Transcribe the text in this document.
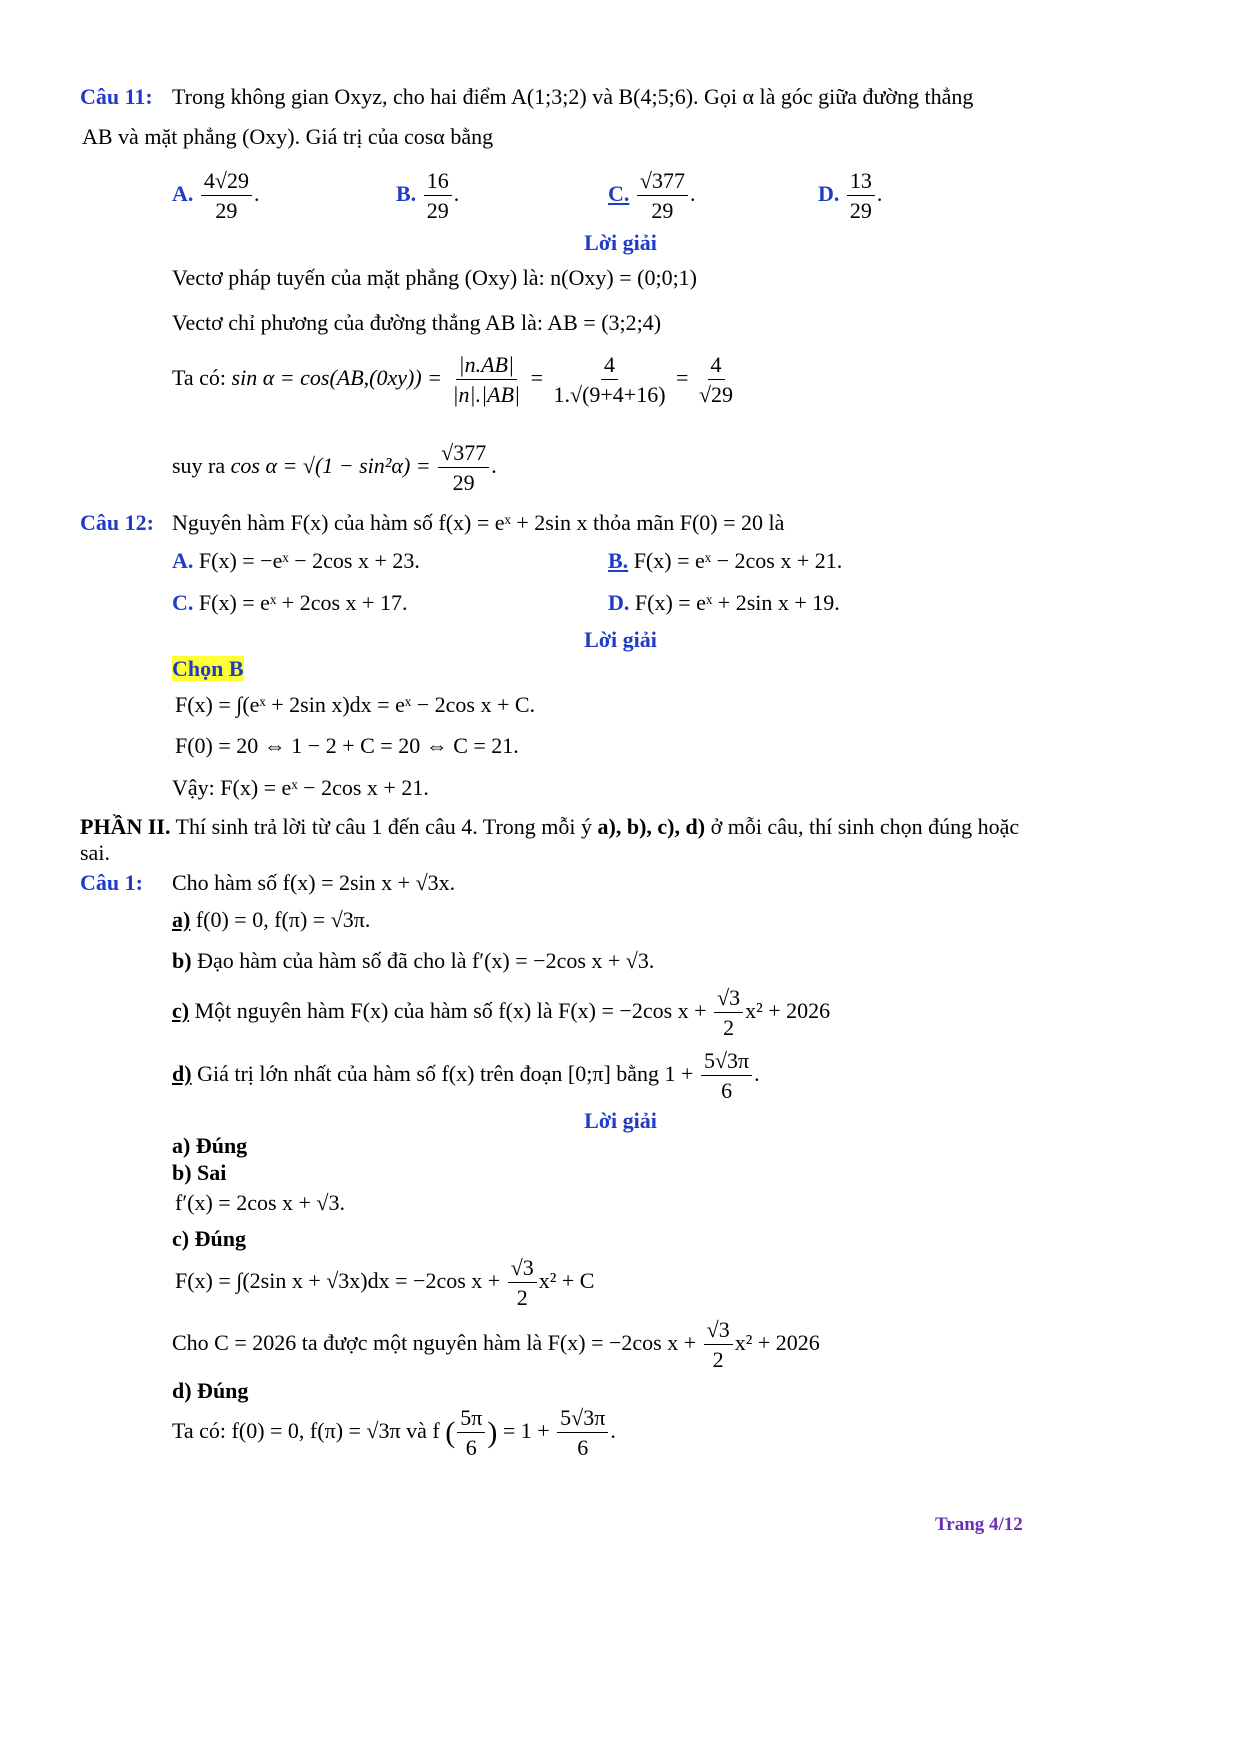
Câu 11: Trong không gian Oxyz, cho hai điểm A(1;3;2) và B(4;5;6). Gọi α là góc giữa đường thẳng
AB và mặt phẳng (Oxy). Giá trị của cosα bằng
A. $\frac{4√29}{29}$ .	B. $\frac{16}{29}$ .	C. $\frac{√377}{29}$ .	D. $\frac{13}{29}$ .
Lời giải
Vectơ pháp tuyến của mặt phẳng (Oxy) là: n(Oxy) = (0;0;1)
Vectơ chỉ phương của đường thẳng AB là: AB = (3;2;4)
Ta có: $\sin \alpha = \cos(AB,(0xy)) = \frac{|n.AB|}{|n|.|AB|} = \frac{4}{1.√(9+4+16)} = \frac{4}{√29}$
suy ra $\cos \alpha = √(1 - \sin^2\alpha) = \frac{√377}{29}$ .
Câu 12: Nguyên hàm F(x) của hàm số f(x) = eˣ + 2sin x thỏa mãn F(0) = 20 là
A. F(x) = −eˣ − 2cos x + 23.	B. F(x) = eˣ − 2cos x + 21.
C. F(x) = eˣ + 2cos x + 17.	D. F(x) = eˣ + 2sin x + 19.
Lời giải
Chọn B
F(x) = ∫(eˣ + 2sin x)dx = eˣ − 2cos x + C.
F(0) = 20 ⇔ 1 − 2 + C = 20 ⇔ C = 21.
Vậy: F(x) = eˣ − 2cos x + 21.
PHẦN II. Thí sinh trả lời từ câu 1 đến câu 4. Trong mỗi ý a), b), c), d) ở mỗi câu, thí sinh chọn đúng hoặc
sai.
Câu 1: Cho hàm số f(x) = 2sin x + √3x.
a) f(0) = 0, f(π) = √3π.
b) Đạo hàm của hàm số đã cho là f′(x) = −2cos x + √3.
c) Một nguyên hàm F(x) của hàm số f(x) là F(x) = −2cos $x + \frac{√3}{2} x^2 + 2026$
d) Giá trị lớn nhất của hàm số f(x) trên đoạn [0;π] bằng $1 + \frac{5√3\pi}{6}$ .
Lời giải
a) Đúng
b) Sai
f′(x) = 2cos x + √3.
c) Đúng
F(x) = ∫(2sin x + √3x)dx = −2cos $x + \frac{√3}{2} x^2 + C$
Cho C = 2026 ta được một nguyên hàm là F(x) = −2cos $x + \frac{√3}{2} x^2 + 2026$
d) Đúng
Ta có: f(0) = 0, f(π) = √3π và f ( $\frac{5\pi}{6}$ ) = $1 + \frac{5√3\pi}{6}$ .
Trang 4/12
